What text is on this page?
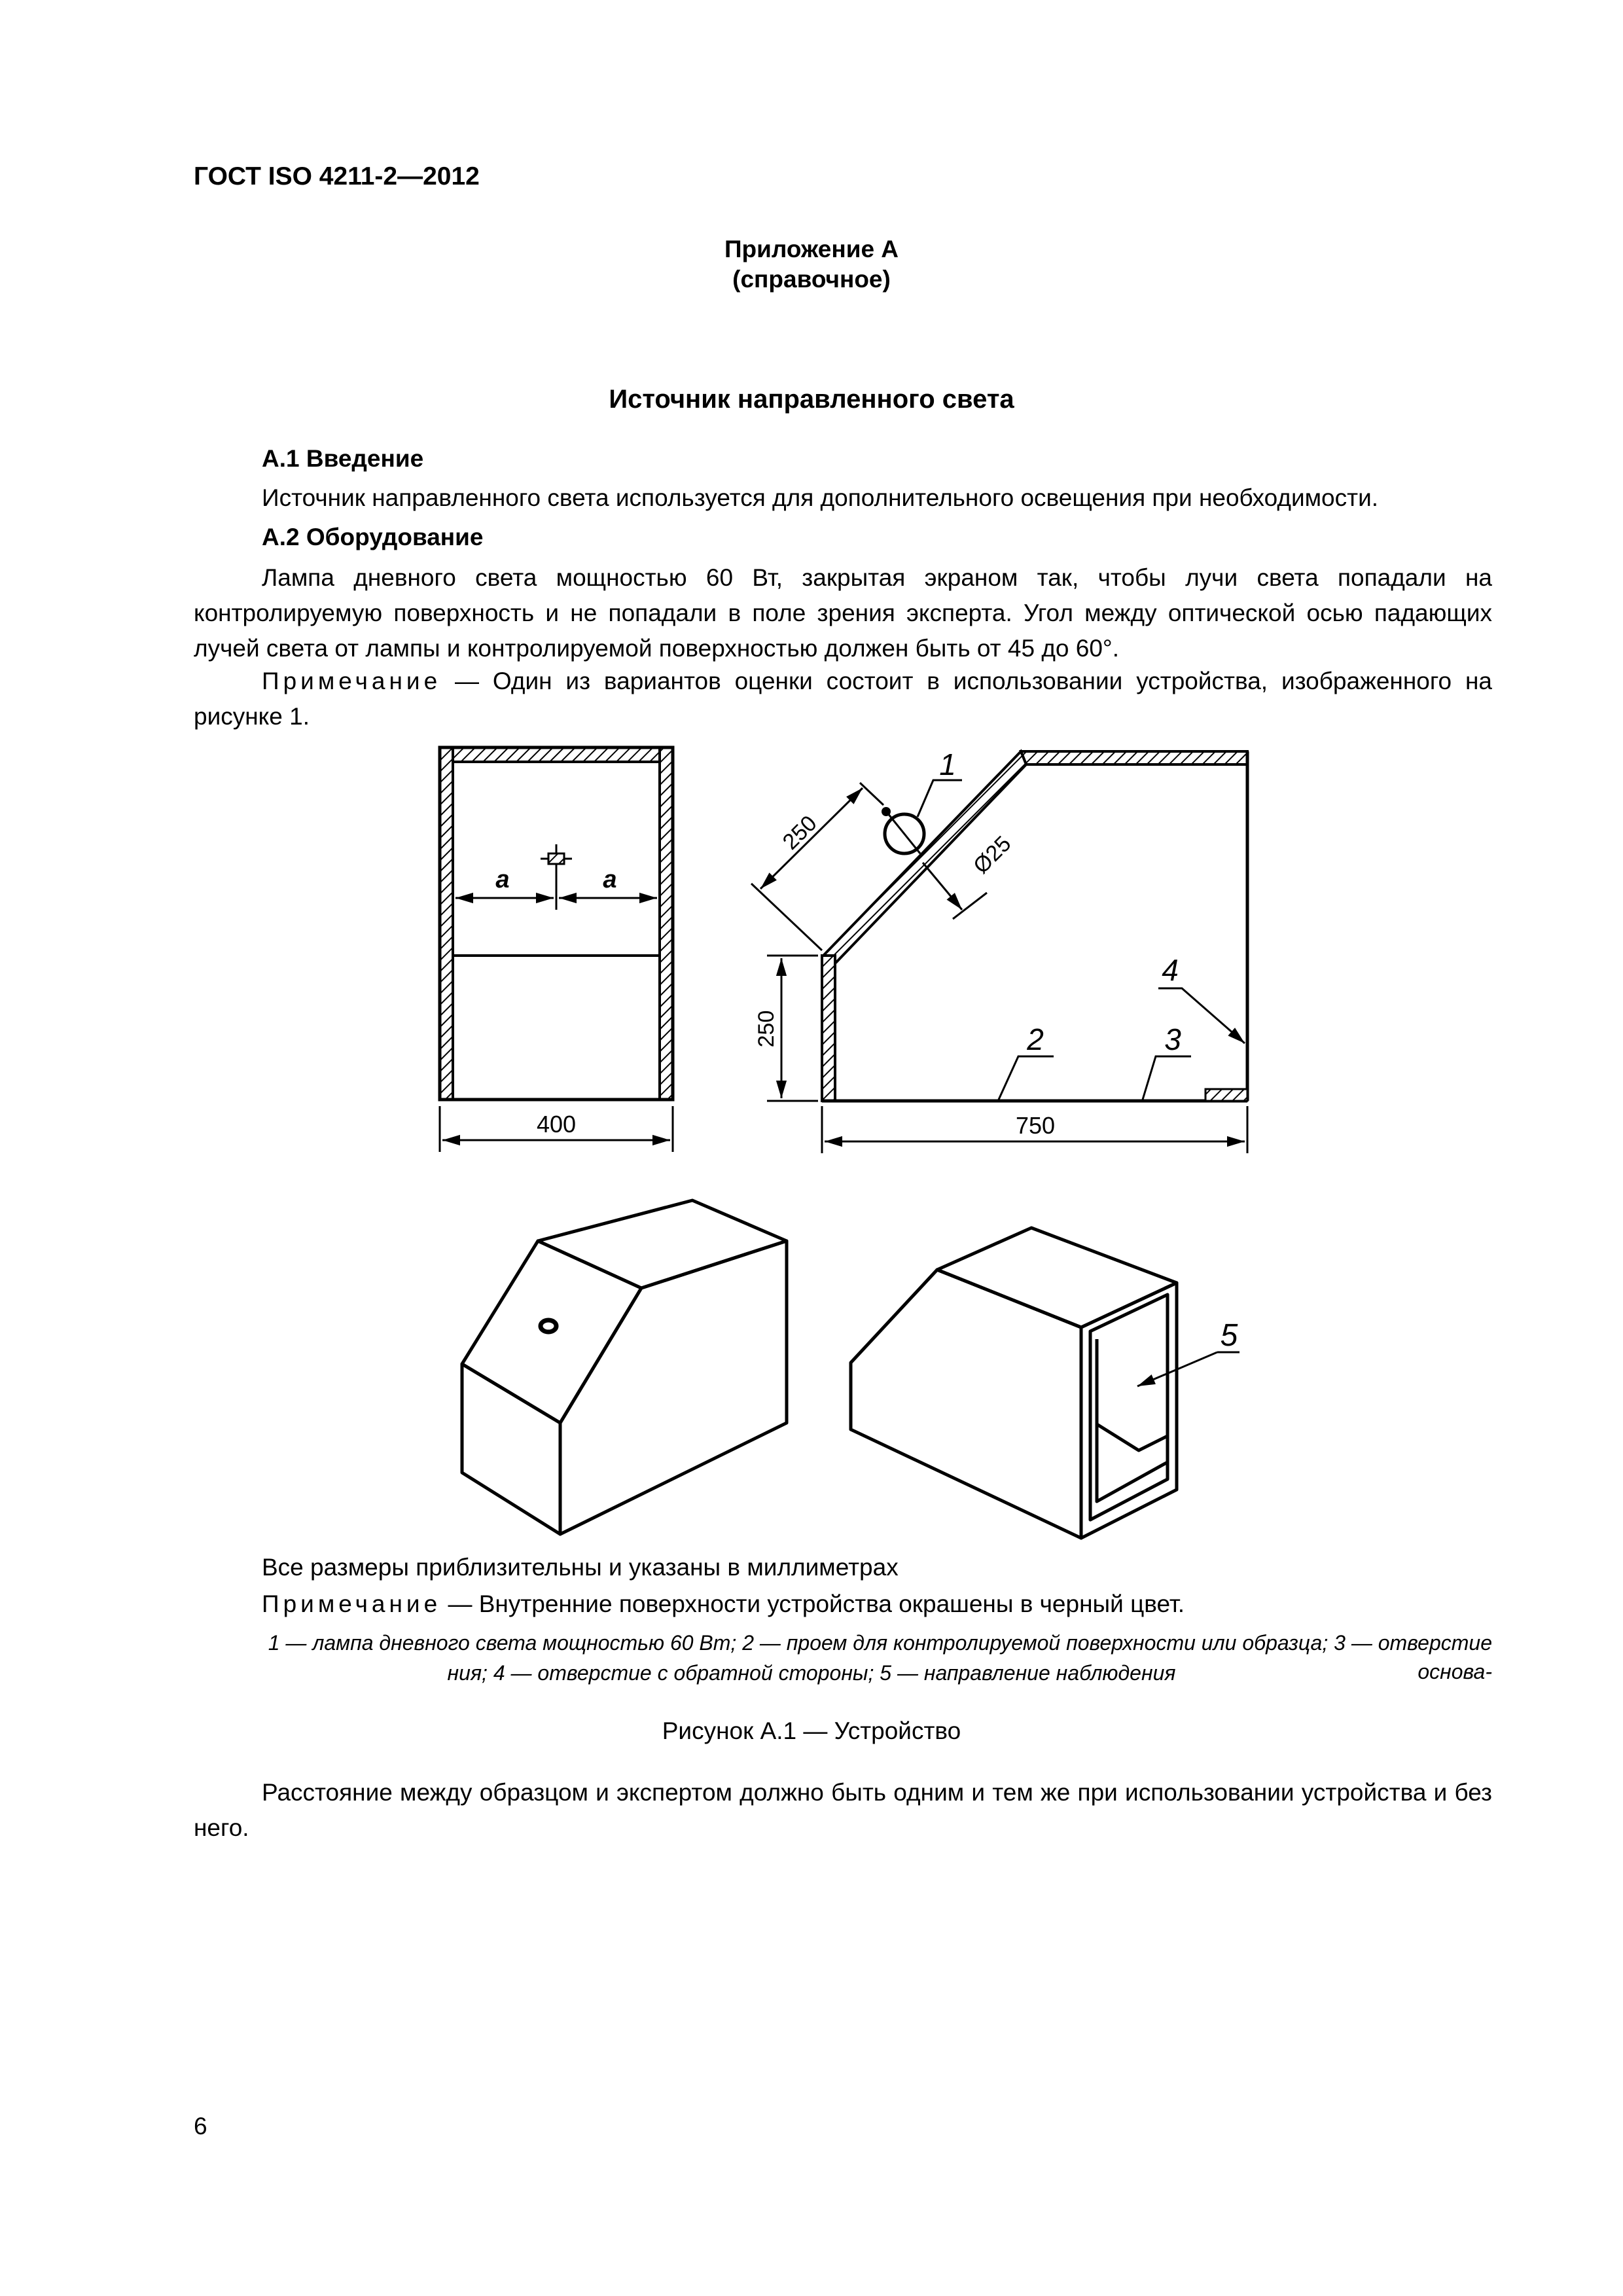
ГОСТ ISO 4211-2—2012
Приложение А
(справочное)
Источник направленного света
А.1 Введение
Источник направленного света используется для дополнительного освещения при необходимости.
А.2 Оборудование
Лампа дневного света мощностью 60 Вт, закрытая экраном так, чтобы лучи света попадали на контролируемую поверхность и не попадали в поле зрения эксперта. Угол между оптической осью падающих лучей света от лампы и контролируемой поверхностью должен быть от 45 до 60°.
Примечание — Один из вариантов оценки состоит в использовании устройства, изображенного на рисунке 1.
a	a
400
1
250	Ø25
250
750
2	3
4
5
Все размеры приблизительны и указаны в миллиметрах
Примечание — Внутренние поверхности устройства окрашены в черный цвет.
1 — лампа дневного света мощностью 60 Вт; 2 — проем для контролируемой поверхности или образца; 3 — отверстие основа-
ния; 4 — отверстие с обратной стороны; 5 — направление наблюдения
Рисунок А.1 — Устройство
Расстояние между образцом и экспертом должно быть одним и тем же при использовании устройства и без него.
6
